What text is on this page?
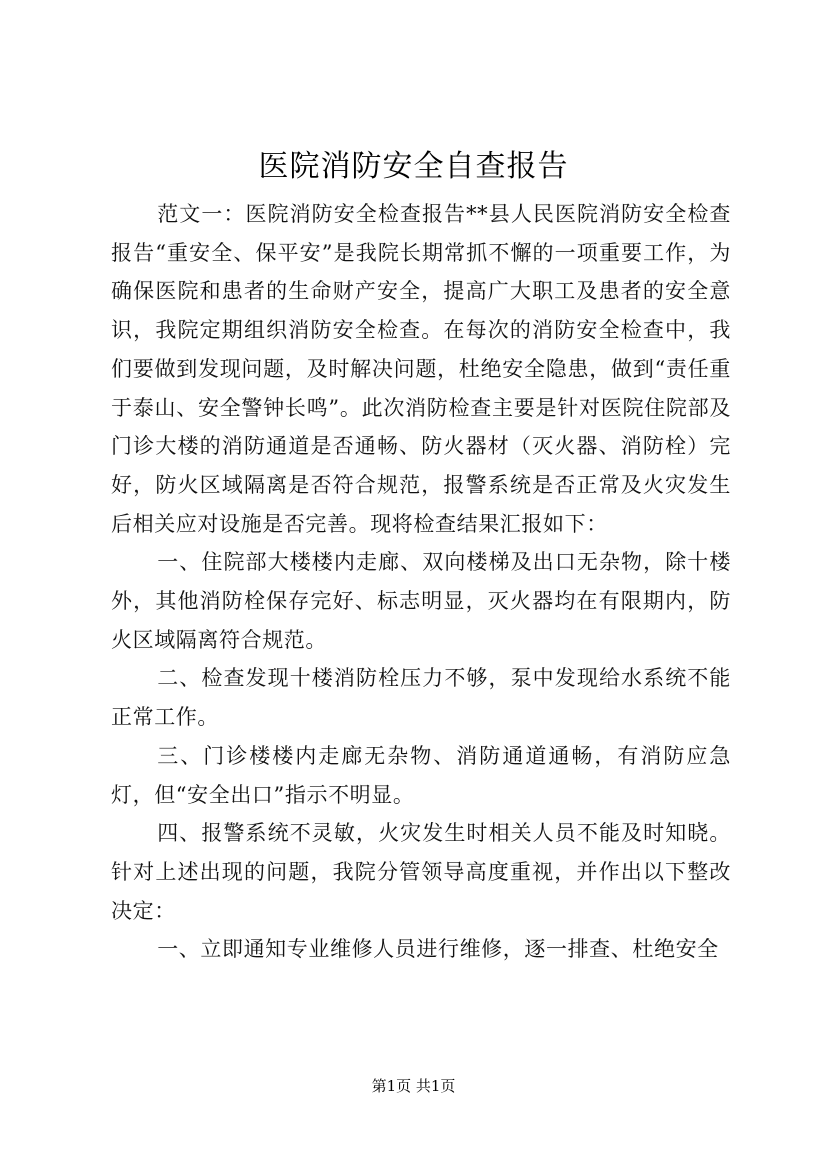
医院消防安全自查报告

范文一：医院消防安全检查报告**县人民医院消防安全检查报告“重安全、保平安”是我院长期常抓不懈的一项重要工作，为确保医院和患者的生命财产安全，提高广大职工及患者的安全意识，我院定期组织消防安全检查。在每次的消防安全检查中，我们要做到发现问题，及时解决问题，杜绝安全隐患，做到“责任重于泰山、安全警钟长鸣”。此次消防检查主要是针对医院住院部及门诊大楼的消防通道是否通畅、防火器材（灭火器、消防栓）完好，防火区域隔离是否符合规范，报警系统是否正常及火灾发生后相关应对设施是否完善。现将检查结果汇报如下：

一、住院部大楼楼内走廊、双向楼梯及出口无杂物，除十楼外，其他消防栓保存完好、标志明显，灭火器均在有限期内，防火区域隔离符合规范。

二、检查发现十楼消防栓压力不够，泵中发现给水系统不能正常工作。

三、门诊楼楼内走廊无杂物、消防通道通畅，有消防应急灯，但“安全出口”指示不明显。

四、报警系统不灵敏，火灾发生时相关人员不能及时知晓。针对上述出现的问题，我院分管领导高度重视，并作出以下整改决定：

一、立即通知专业维修人员进行维修，逐一排查、杜绝安全

第1页 共1页
